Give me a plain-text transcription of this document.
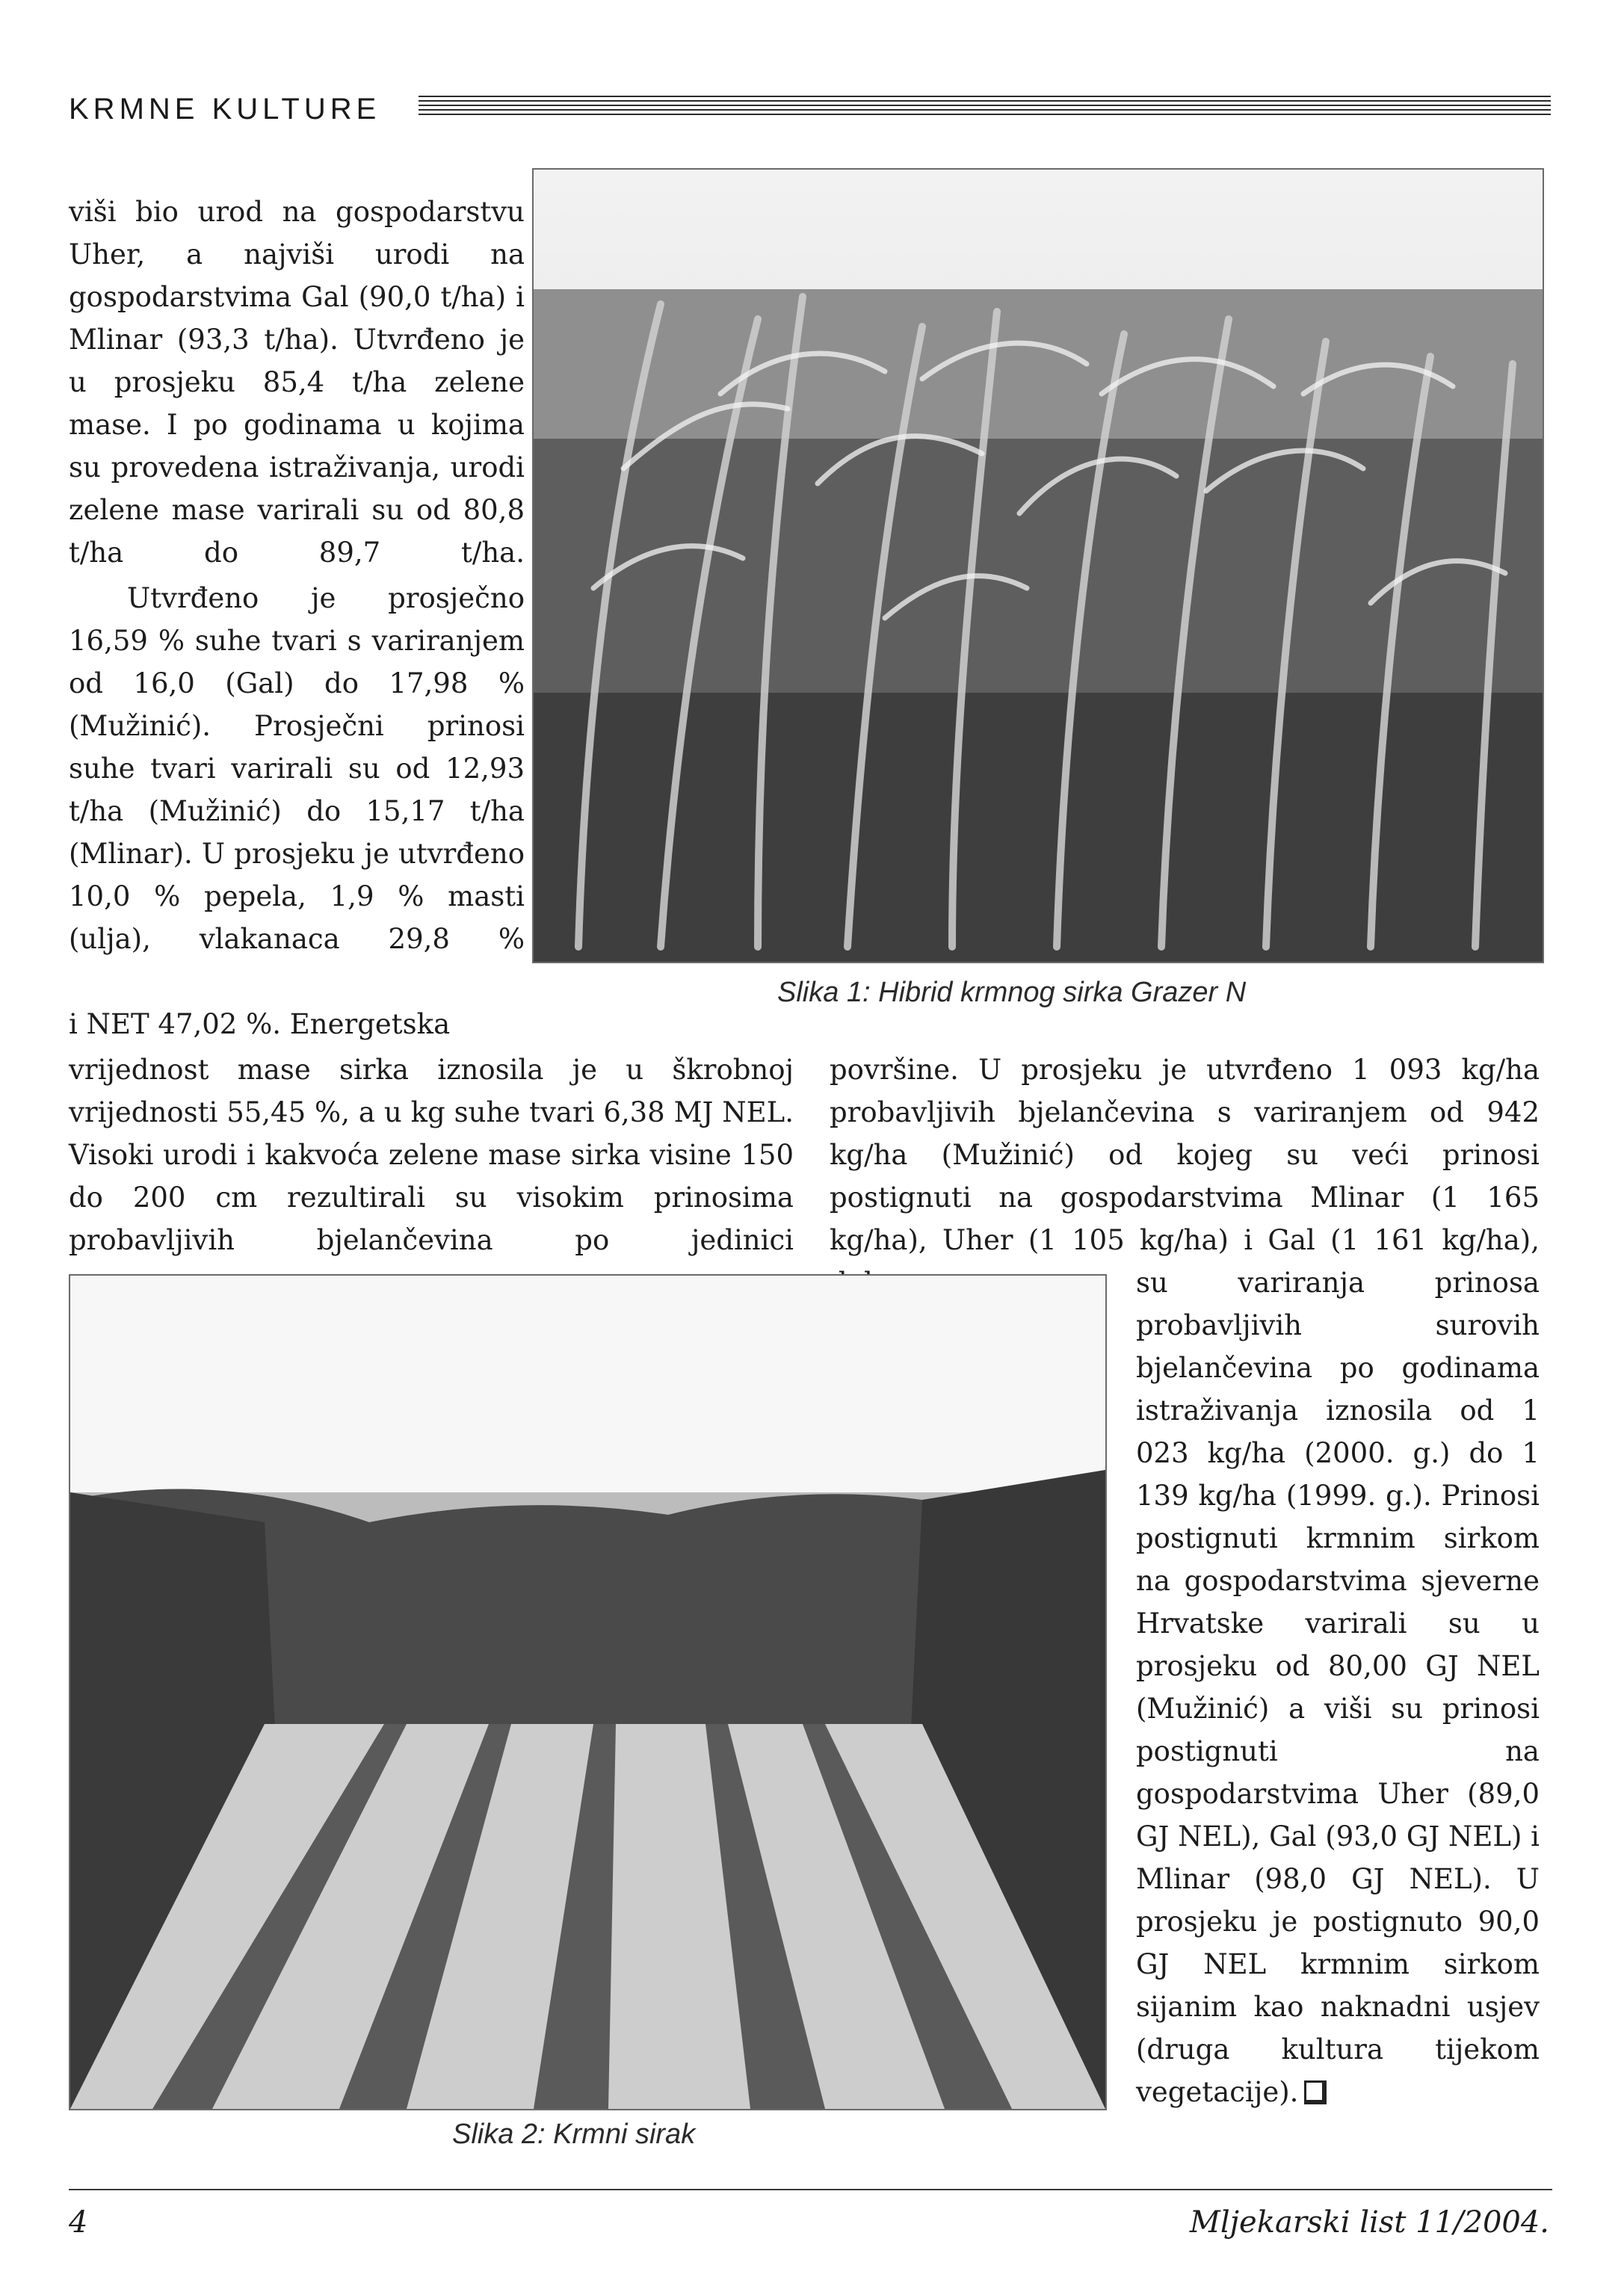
KRMNE KULTURE

viši bio urod na gospodarstvu Uher, a najviši urodi na gospodarstvima Gal (90,0 t/ha) i Mlinar (93,3 t/ha). Utvrđeno je u prosjeku 85,4 t/ha zelene mase. I po godinama u kojima su provedena istraživanja, urodi zelene mase varirali su od 80,8 t/ha do 89,7 t/ha.

Utvrđeno je prosječno 16,59 % suhe tvari s variranjem od 16,0 (Gal) do 17,98 % (Mužinić). Prosječni prinosi suhe tvari varirali su od 12,93 t/ha (Mužinić) do 15,17 t/ha (Mlinar). U prosjeku je utvrđeno 10,0 % pepela, 1,9 % masti (ulja), vlakanaca 29,8 %

i NET 47,02 %. Energetska

Slika 1: Hibrid krmnog sirka Grazer N

vrijednost mase sirka iznosila je u škrobnoj vrijednosti 55,45 %, a u kg suhe tvari 6,38 MJ NEL. Visoki urodi i kakvoća zelene mase sirka visine 150 do 200 cm rezultirali su visokim prinosima probavljivih bjelančevina po jedinici

površine. U prosjeku je utvrđeno 1 093 kg/ha probavljivih bjelančevina s variranjem od 942 kg/ha (Mužinić) od kojeg su veći prinosi postignuti na gospodarstvima Mlinar (1 165 kg/ha), Uher (1 105 kg/ha) i Gal (1 161 kg/ha),

Slika 2: Krmni sirak

su variranja prinosa probavljivih surovih bjelančevina po godinama istraživanja iznosila od 1 023 kg/ha (2000. g.) do 1 139 kg/ha (1999. g.). Prinosi postignuti krmnim sirkom na gospodarstvima sjeverne Hrvatske varirali su u prosjeku od 80,00 GJ NEL (Mužinić) a viši su prinosi postignuti na gospodarstvima Uher (89,0 GJ NEL), Gal (93,0 GJ NEL) i Mlinar (98,0 GJ NEL). U prosjeku je postignuto 90,0 GJ NEL krmnim sirkom sijanim kao naknadni usjev (druga kultura tijekom vegetacije).

4	Mljekarski list 11/2004.
